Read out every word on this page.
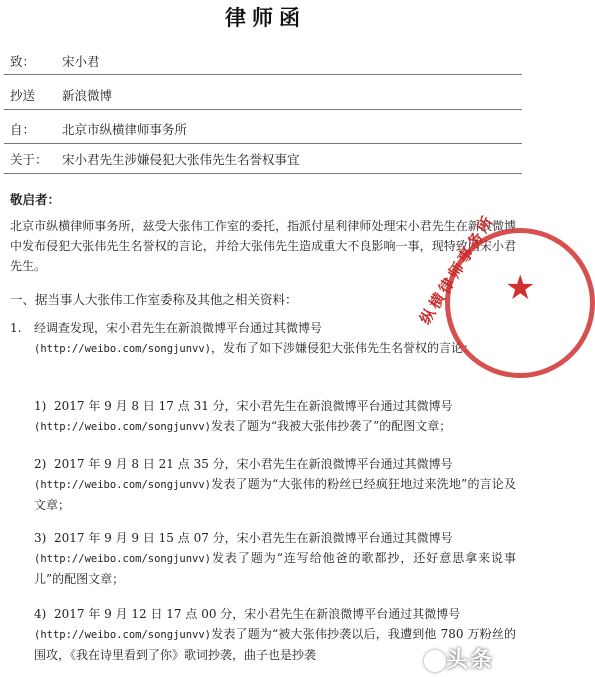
律师函
致： 宋小君
抄送 新浪微博
自： 北京市纵横律师事务所
关于： 宋小君先生涉嫌侵犯大张伟先生名誉权事宜
敬启者：
北京市纵横律师事务所，兹受大张伟工作室的委托，指派付星利律师处理宋小君先生在新浪微博中发布侵犯大张伟先生名誉权的言论，并给大张伟先生造成重大不良影响一事，现特致函宋小君先生。
一、据当事人大张伟工作室委称及其他之相关资料：
1. 经调查发现，宋小君先生在新浪微博平台通过其微博号
(http://weibo.com/songjunvv)，发布了如下涉嫌侵犯大张伟先生名誉权的言论：
1) 2017 年 9 月 8 日 17 点 31 分，宋小君先生在新浪微博平台通过其微博号
(http://weibo.com/songjunvv)发表了题为“我被大张伟抄袭了”的配图文章；
2) 2017 年 9 月 8 日 21 点 35 分，宋小君先生在新浪微博平台通过其微博号
(http://weibo.com/songjunvv)发表了题为“大张伟的粉丝已经疯狂地过来洗地”的言论及文章；
3) 2017 年 9 月 9 日 15 点 07 分，宋小君先生在新浪微博平台通过其微博号
(http://weibo.com/songjunvv)发表了题为“连写给他爸的歌都抄，还好意思拿来说事儿”的配图文章；
4) 2017 年 9 月 12 日 17 点 00 分，宋小君先生在新浪微博平台通过其微博号
(http://weibo.com/songjunvv)发表了题为“被大张伟抄袭以后，我遭到他 780 万粉丝的围攻，《我在诗里看到了你》歌词抄袭，曲子也是抄袭
纵横律师事务所 ★
头条
